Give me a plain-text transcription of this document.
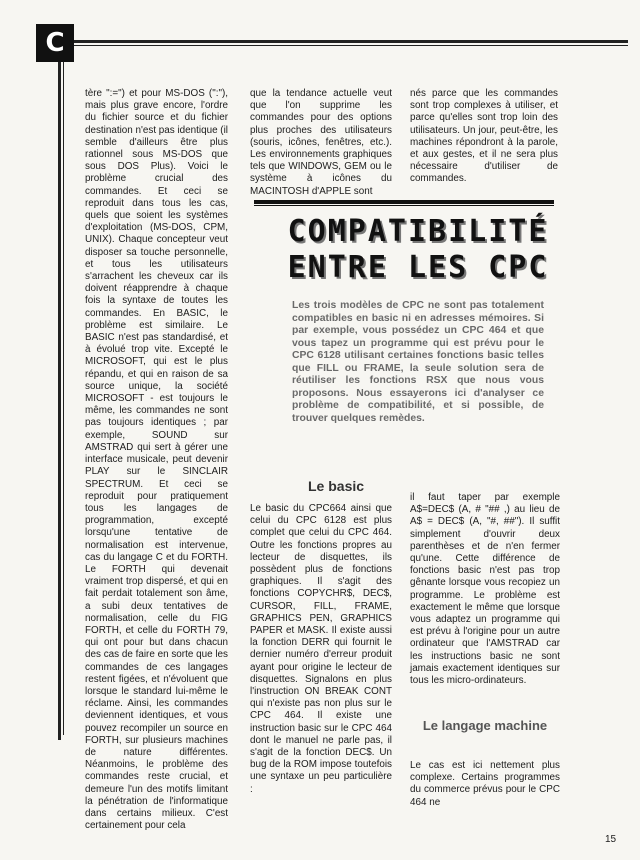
C

tère ":=") et pour MS-DOS (":"), mais plus grave encore, l'ordre du fichier source et du fichier destination n'est pas identique (il semble d'ailleurs être plus rationnel sous MS-DOS que sous DOS Plus). Voici le problème crucial des commandes. Et ceci se reproduit dans tous les cas, quels que soient les systèmes d'exploitation (MS-DOS, CPM, UNIX). Chaque concepteur veut disposer sa touche personnelle, et tous les utilisateurs s'arrachent les cheveux car ils doivent réapprendre à chaque fois la syntaxe de toutes les commandes. En BASIC, le problème est similaire. Le BASIC n'est pas standardisé, et à évolué trop vite. Excepté le MICROSOFT, qui est le plus répandu, et qui en raison de sa source unique, la société MICROSOFT - est toujours le même, les commandes ne sont pas toujours identiques ; par exemple, SOUND sur AMSTRAD qui sert à gérer une interface musicale, peut devenir PLAY sur le SINCLAIR SPECTRUM. Et ceci se reproduit pour pratiquement tous les langages de programmation, excepté lorsqu'une tentative de normalisation est intervenue, cas du langage C et du FORTH. Le FORTH qui devenait vraiment trop dispersé, et qui en fait perdait totalement son âme, a subi deux tentatives de normalisation, celle du FIG FORTH, et celle du FORTH 79, qui ont pour but dans chacun des cas de faire en sorte que les commandes de ces langages restent figées, et n'évoluent que lorsque le standard lui-même le réclame. Ainsi, les commandes deviennent identiques, et vous pouvez recompiler un source en FORTH, sur plusieurs machines de nature différentes. Néanmoins, le problème des commandes reste crucial, et demeure l'un des motifs limitant la pénétration de l'informatique dans certains milieux. C'est certainement pour cela

que la tendance actuelle veut que l'on supprime les commandes pour des options plus proches des utilisateurs (souris, icônes, fenêtres, etc.). Les environnements graphiques tels que WINDOWS, GEM ou le système à icônes du MACINTOSH d'APPLE sont

nés parce que les commandes sont trop complexes à utiliser, et parce qu'elles sont trop loin des utilisateurs. Un jour, peut-être, les machines répondront à la parole, et aux gestes, et il ne sera plus nécessaire d'utiliser de commandes.

COMPATIBILITÉ
ENTRE LES CPC
Les trois modèles de CPC ne sont pas totalement compatibles en basic ni en adresses mémoires. Si par exemple, vous possédez un CPC 464 et que vous tapez un programme qui est prévu pour le CPC 6128 utilisant certaines fonctions basic telles que FILL ou FRAME, la seule solution sera de réutiliser les fonctions RSX que nous vous proposons. Nous essayerons ici d'analyser ce problème de compatibilité, et si possible, de trouver quelques remèdes.
Le basic

Le basic du CPC664 ainsi que celui du CPC 6128 est plus complet que celui du CPC 464. Outre les fonctions propres au lecteur de disquettes, ils possèdent plus de fonctions graphiques. Il s'agit des fonctions COPYCHR$, DEC$, CURSOR, FILL, FRAME, GRAPHICS PEN, GRAPHICS PAPER et MASK. Il existe aussi la fonction DERR qui fournit le dernier numéro d'erreur produit ayant pour origine le lecteur de disquettes. Signalons en plus l'instruction ON BREAK CONT qui n'existe pas non plus sur le CPC 464. Il existe une instruction basic sur le CPC 464 dont le manuel ne parle pas, il s'agit de la fonction DEC$. Un bug de la ROM impose toutefois une syntaxe un peu particulière :

il faut taper par exemple A$=DEC$ (A, # "## ,) au lieu de A$ = DEC$ (A, "#, ##"). Il suffit simplement d'ouvrir deux parenthèses et de n'en fermer qu'une. Cette différence de fonctions basic n'est pas trop gênante lorsque vous recopiez un programme. Le problème est exactement le même que lorsque vous adaptez un programme qui est prévu à l'origine pour un autre ordinateur que l'AMSTRAD car les instructions basic ne sont jamais exactement identiques sur tous les micro-ordinateurs.

Le langage machine

Le cas est ici nettement plus complexe. Certains programmes du commerce prévus pour le CPC 464 ne

15
